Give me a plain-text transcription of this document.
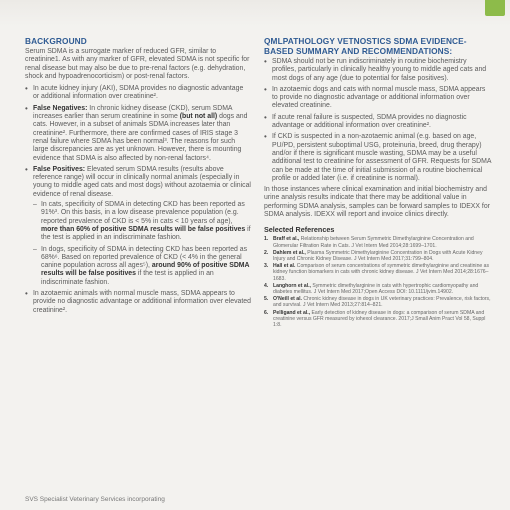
BACKGROUND

Serum SDMA is a surrogate marker of reduced GFR, similar to creatinine1. As with any marker of GFR, elevated SDMA is not specific for renal disease but may also be due to pre-renal factors (e.g. dehydration, shock and hypoadrenocorticism) or post-renal factors.

• In acute kidney injury (AKI), SDMA provides no diagnostic advantage or additional information over creatinine².
• False Negatives: In chronic kidney disease (CKD), serum SDMA increases earlier than serum creatinine in some (but not all) dogs and cats. However, in a subset of animals SDMA increases later than creatinine². Furthermore, there are confirmed cases of IRIS stage 3 renal failure where SDMA has been normal³. The reasons for such large discrepancies are as yet unknown. However, there is mounting evidence that SDMA is also affected by non-renal factors⁴.
• False Positives: Elevated serum SDMA results (results above reference range) will occur in clinically normal animals (especially in young to middle aged cats and most dogs) without azotaemia or clinical evidence of renal disease.
– In cats, specificity of SDMA in detecting CKD has been reported as 91%³. On this basis, in a low disease prevalence population (e.g. reported prevalence of CKD is < 5% in cats < 10 years of age), more than 60% of positive SDMA results will be false positives if the test is applied in an indiscriminate fashion.
– In dogs, specificity of SDMA in detecting CKD has been reported as 68%⁶. Based on reported prevalence of CKD (< 4% in the general canine population across all ages⁵), around 90% of positive SDMA results will be false positives if the test is applied in an indiscriminate fashion.
• In azotaemic animals with normal muscle mass, SDMA appears to provide no diagnostic advantage or additional information over elevated creatinine².
QMLPATHOLOGY VETNOSTICS SDMA EVIDENCE-BASED SUMMARY AND RECOMMENDATIONS:
• SDMA should not be run indiscriminately in routine biochemistry profiles, particularly in clinically healthy young to middle aged cats and most dogs of any age (due to potential for false positives).
• In azotaemic dogs and cats with normal muscle mass, SDMA appears to provide no diagnostic advantage or additional information over elevated creatinine.
• If acute renal failure is suspected, SDMA provides no diagnostic advantage or additional information over creatinine².
• If CKD is suspected in a non-azotaemic animal (e.g. based on age, PU/PD, persistent suboptimal USG, proteinuria, breed, drug therapy) and/or if there is significant muscle wasting, SDMA may be a useful additional test to creatinine for assessment of GFR. Requests for SDMA can be made at the time of initial submission of a routine biochemical profile or added later (i.e. if creatinine is normal).

In those instances where clinical examination and initial biochemistry and urine analysis results indicate that there may be additional value in performing SDMA analysis, samples can be forward samples to IDEXX for SDMA analysis. IDEXX will report and invoice clinics directly.

Selected References
1. Braff et al., Relationship between Serum Symmetric Dimethylarginine Concentration and Glomerular Filtration Rate in Cats. J Vet Intern Med 2014;28:1699–1701.
2. Dahlem et al., Plasma Symmetric Dimethylarginine Concentration in Dogs with Acute Kidney Injury and Chronic Kidney Disease. J Vet Intern Med 2017;31:799–804.
3. Hall et al. Comparison of serum concentrations of symmetric dimethylarginine and creatinine as kidney function biomarkers in cats with chronic kidney disease. J Vet Intern Med 2014;28:1676–1683.
4. Langhorn et al., Symmetric dimethylarginine in cats with hypertrophic cardiomyopathy and diabetes mellitus. J Vet Intern Med 2017;Open Access DOI: 10.1111/jvim.14902.
5. O'Neill et al. Chronic kidney disease in dogs in UK veterinary practices: Prevalence, risk factors, and survival. J Vet Intern Med 2013;27:814–821.
6. Pelligand et al., Early detection of kidney disease in dogs: a comparison of serum SDMA and creatinine versus GFR measured by iohexol clearance. 2017;J Small Anim Pract Vol 58, Suppl 1:8.
SVS Specialist Veterinary Services incorporating
